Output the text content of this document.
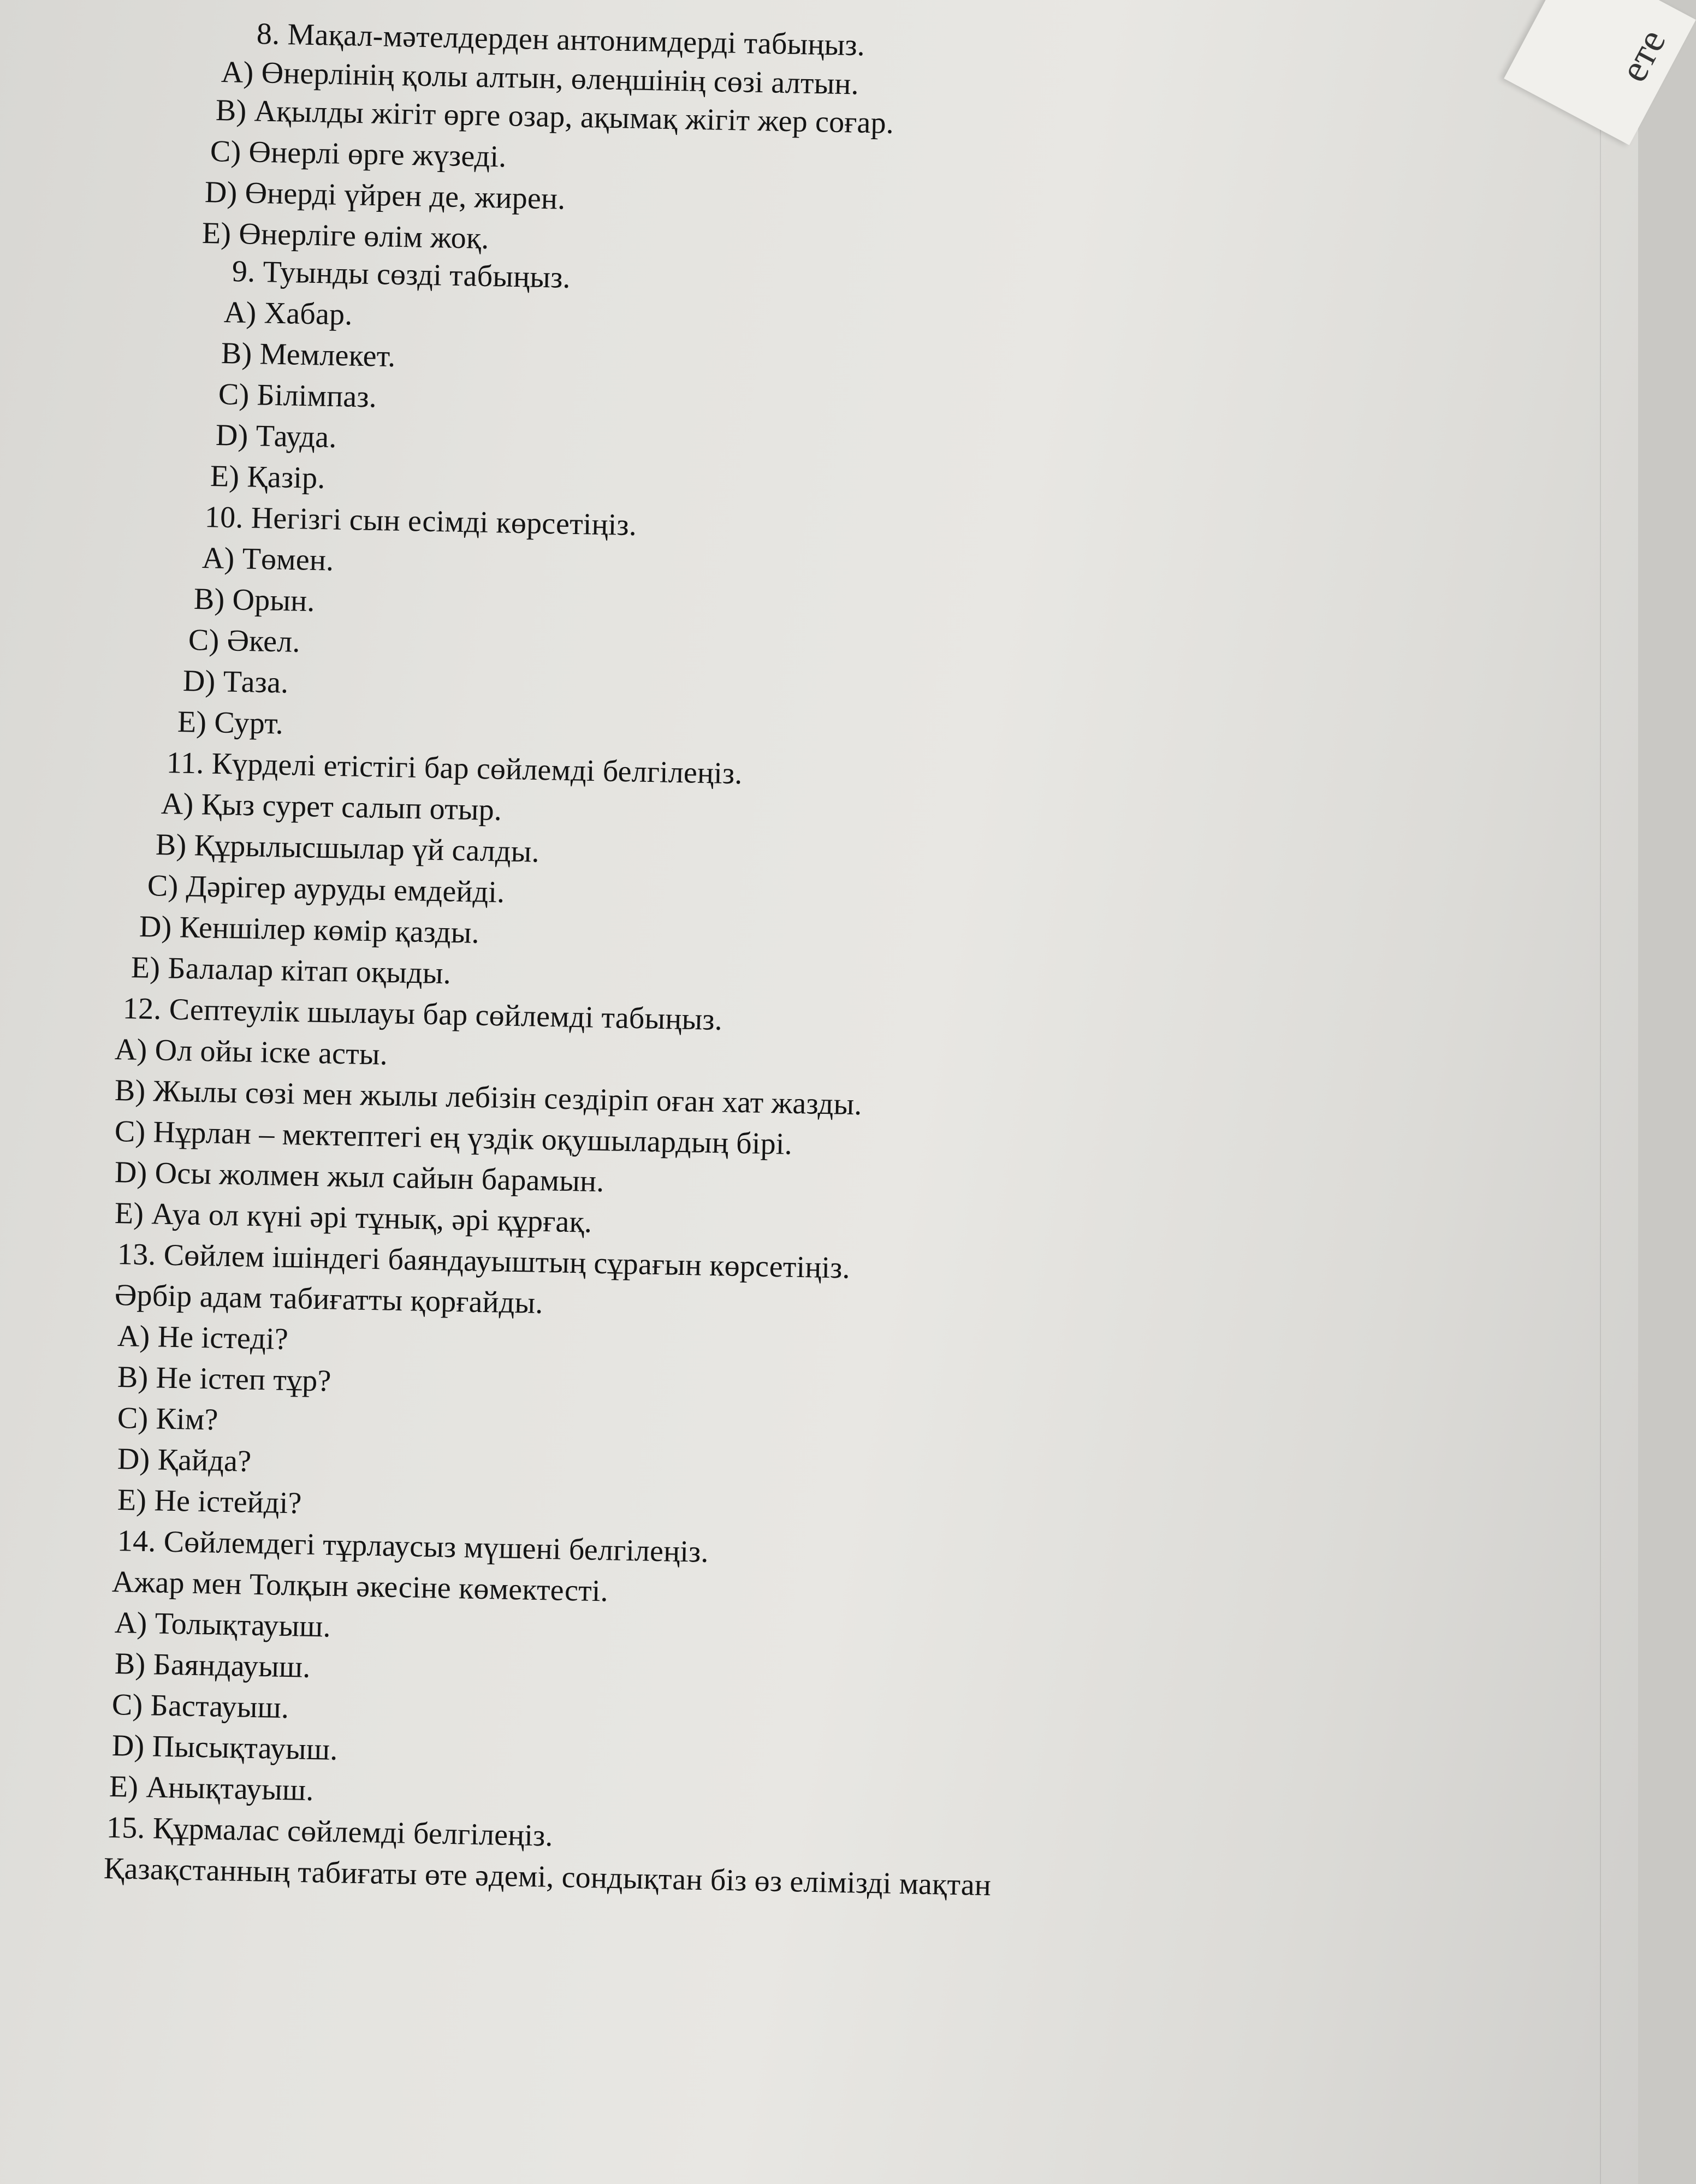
ете
8. Мақал-мәтелдерден антонимдерді табыңыз.
A) Өнерлінің қолы алтын, өлеңшінің сөзі алтын.
B) Ақылды жігіт өрге озар, ақымақ жігіт жер соғар.
C) Өнерлі өрге жүзеді.
D) Өнерді үйрен де, жирен.
E) Өнерліге өлім жоқ.
9. Туынды сөзді табыңыз.
A) Хабар.
B) Мемлекет.
C) Білімпаз.
D) Тауда.
E) Қазір.
10. Негізгі сын есімді көрсетіңіз.
A) Төмен.
B) Орын.
C) Әкел.
D) Таза.
E) Сурт.
11. Күрделі етістігі бар сөйлемді белгілеңіз.
A) Қыз сурет салып отыр.
B) Құрылысшылар үй салды.
C) Дәрігер ауруды емдейді.
D) Кеншілер көмір қазды.
E) Балалар кітап оқыды.
12. Септеулік шылауы бар сөйлемді табыңыз.
A) Ол ойы іске асты.
B) Жылы сөзі мен жылы лебізін сездіріп оған хат жазды.
C) Нұрлан – мектептегі ең үздік оқушылардың бірі.
D) Осы жолмен жыл сайын барамын.
E) Ауа ол күні әрі тұнық, әрі құрғақ.
13. Сөйлем ішіндегі баяндауыштың сұрағын көрсетіңіз.
Әрбір адам табиғатты қорғайды.
A) Не істеді?
B) Не істеп тұр?
C) Кім?
D) Қайда?
E) Не істейді?
14. Сөйлемдегі тұрлаусыз мүшені белгілеңіз.
Ажар мен Толқын әкесіне көмектесті.
A) Толықтауыш.
B) Баяндауыш.
C) Бастауыш.
D) Пысықтауыш.
E) Анықтауыш.
15. Құрмалас сөйлемді белгілеңіз.
Қазақстанның табиғаты өте әдемі, сондықтан біз өз елімізді мақтан
